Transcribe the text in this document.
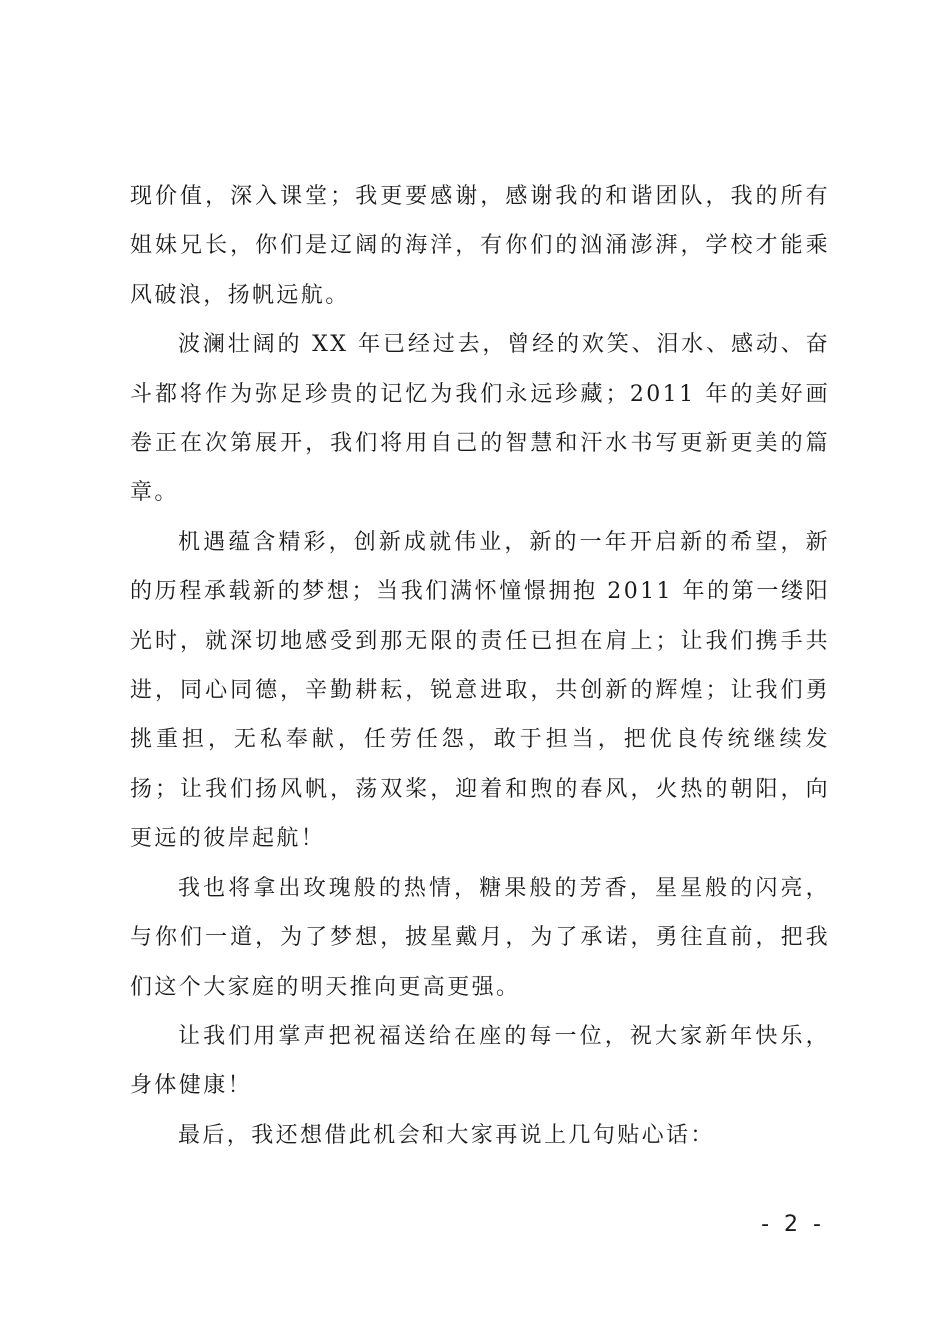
现价值，深入课堂；我更要感谢，感谢我的和谐团队，我的所有姐妹兄长，你们是辽阔的海洋，有你们的汹涌澎湃，学校才能乘风破浪，扬帆远航。

波澜壮阔的 XX 年已经过去，曾经的欢笑、泪水、感动、奋斗都将作为弥足珍贵的记忆为我们永远珍藏；2011 年的美好画卷正在次第展开，我们将用自己的智慧和汗水书写更新更美的篇章。

机遇蕴含精彩，创新成就伟业，新的一年开启新的希望，新的历程承载新的梦想；当我们满怀憧憬拥抱 2011 年的第一缕阳光时，就深切地感受到那无限的责任已担在肩上；让我们携手共进，同心同德，辛勤耕耘，锐意进取，共创新的辉煌；让我们勇挑重担，无私奉献，任劳任怨，敢于担当，把优良传统继续发扬；让我们扬风帆，荡双桨，迎着和煦的春风，火热的朝阳，向更远的彼岸起航！

我也将拿出玫瑰般的热情，糖果般的芳香，星星般的闪亮，与你们一道，为了梦想，披星戴月，为了承诺，勇往直前，把我们这个大家庭的明天推向更高更强。

让我们用掌声把祝福送给在座的每一位，祝大家新年快乐，身体健康！

最后，我还想借此机会和大家再说上几句贴心话：

- 2 -
